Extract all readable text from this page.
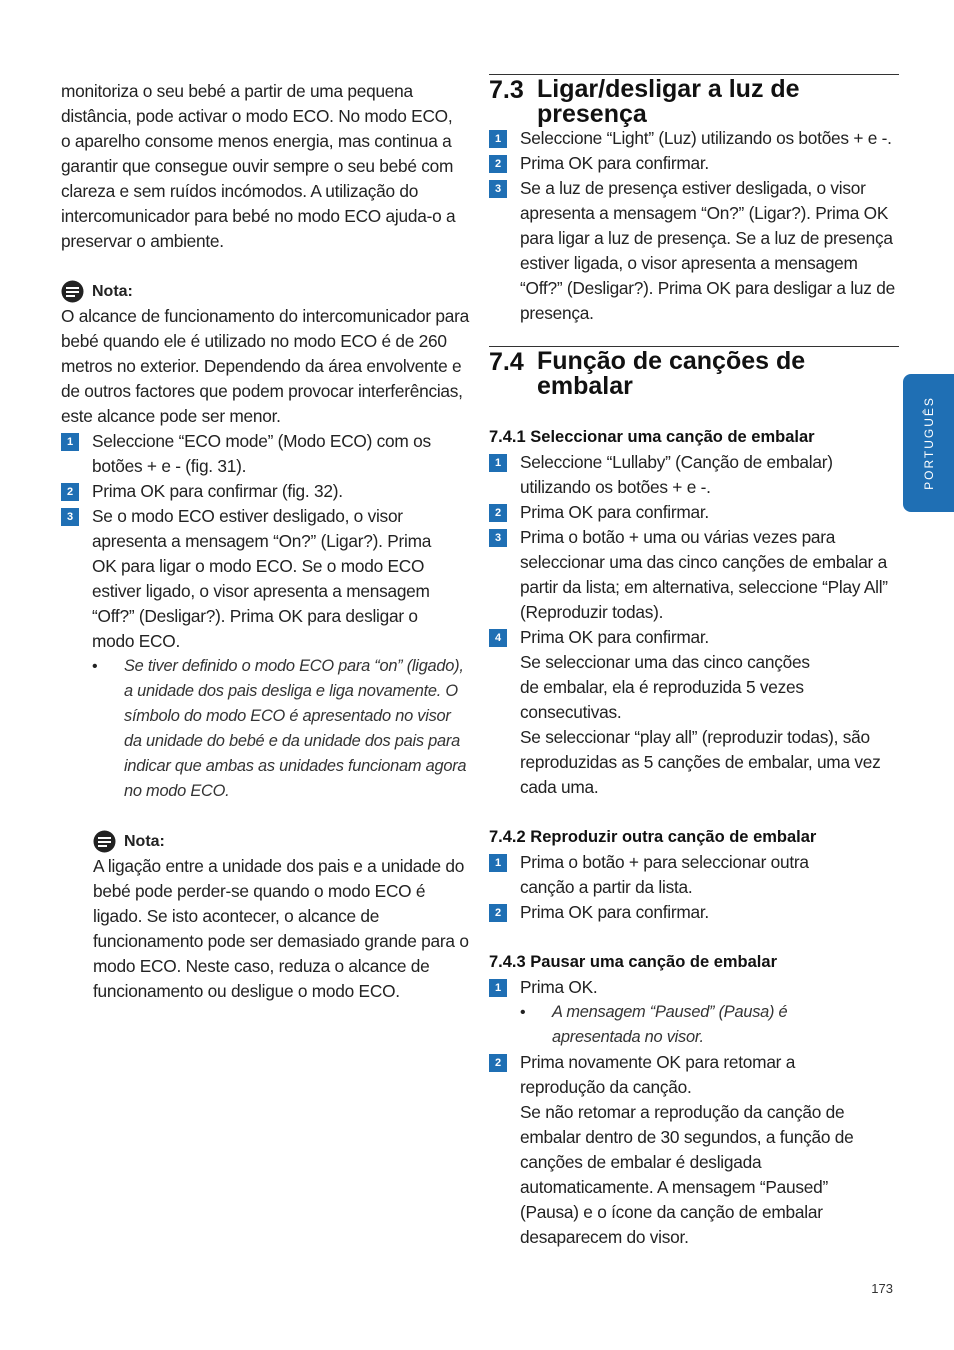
monitoriza o seu bebé a partir de uma pequena distância, pode activar o modo ECO. No modo ECO, o aparelho consome menos energia, mas continua a garantir que consegue ouvir sempre o seu bebé com clareza e sem ruídos incómodos. A utilização do intercomunicador para bebé no modo ECO ajuda-o a preservar o ambiente.

Nota:

O alcance de funcionamento do intercomunicador para bebé quando ele é utilizado no modo ECO é de 260 metros no exterior. Dependendo da área envolvente e de outros factores que podem provocar interferências, este alcance pode ser menor.

1	Seleccione “ECO mode” (Modo ECO) com os botões + e - (fig. 31).
2	Prima OK para confirmar (fig. 32).
3	Se o modo ECO estiver desligado, o visor apresenta a mensagem “On?” (Ligar?). Prima OK para ligar o modo ECO. Se o modo ECO estiver ligado, o visor apresenta a mensagem “Off?” (Desligar?). Prima OK para desligar o modo ECO.
•	Se tiver definido o modo ECO para “on” (ligado), a unidade dos pais desliga e liga novamente. O símbolo do modo ECO é apresentado no visor da unidade do bebé e da unidade dos pais para indicar que ambas as unidades funcionam agora no modo ECO.
Nota:

A ligação entre a unidade dos pais e a unidade do bebé pode perder-se quando o modo ECO é ligado. Se isto acontecer, o alcance de funcionamento pode ser demasiado grande para o modo ECO. Neste caso, reduza o alcance de funcionamento ou desligue o modo ECO.

7.3 Ligar/desligar a luz de presença
1	Seleccione “Light” (Luz) utilizando os botões + e -.
2	Prima OK para confirmar.
3	Se a luz de presença estiver desligada, o visor apresenta a mensagem “On?” (Ligar?). Prima OK para ligar a luz de presença. Se a luz de presença estiver ligada, o visor apresenta a mensagem “Off?” (Desligar?). Prima OK para desligar a luz de presença.
7.4 Função de canções de embalar
7.4.1 Seleccionar uma canção de embalar
1	Seleccione “Lullaby” (Canção de embalar) utilizando os botões + e -.
2	Prima OK para confirmar.
3	Prima o botão + uma ou várias vezes para seleccionar uma das cinco canções de embalar a partir da lista; em alternativa, seleccione “Play All” (Reproduzir todas).
4	Prima OK para confirmar.
Se seleccionar uma das cinco canções de embalar, ela é reproduzida 5 vezes consecutivas.
Se seleccionar “play all” (reproduzir todas), são reproduzidas as 5 canções de embalar, uma vez cada uma.
7.4.2 Reproduzir outra canção de embalar
1	Prima o botão + para seleccionar outra canção a partir da lista.
2	Prima OK para confirmar.
7.4.3 Pausar uma canção de embalar
1	Prima OK.
•	A mensagem “Paused” (Pausa) é apresentada no visor.
2	Prima novamente OK para retomar a reprodução da canção.
Se não retomar a reprodução da canção de embalar dentro de 30 segundos, a função de canções de embalar é desligada automaticamente. A mensagem “Paused” (Pausa) e o ícone da canção de embalar desaparecem do visor.
PORTUGUÊS
173
